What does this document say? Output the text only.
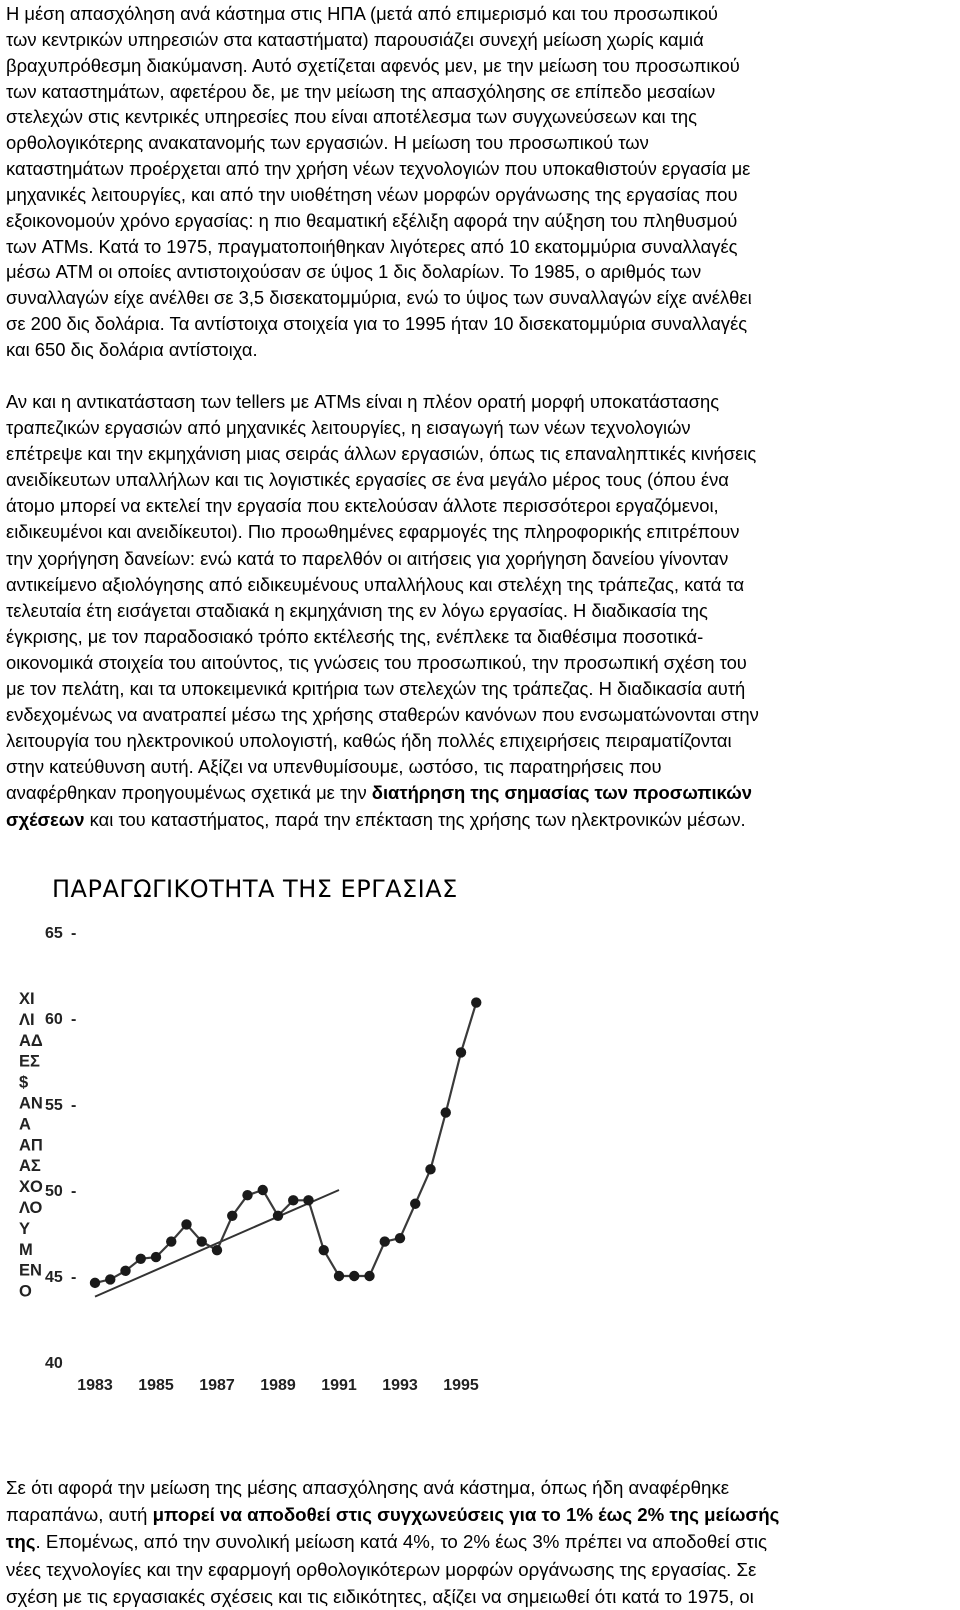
Η μέση απασχόληση ανά κάστημα στις ΗΠΑ (μετά από επιμερισμό και του προσωπικού
των κεντρικών υπηρεσιών στα καταστήματα) παρουσιάζει συνεχή μείωση χωρίς καμιά
βραχυπρόθεσμη διακύμανση. Αυτό σχετίζεται αφενός μεν, με την μείωση του προσωπικού
των καταστημάτων, αφετέρου δε, με την μείωση της απασχόλησης σε επίπεδο μεσαίων
στελεχών στις κεντρικές υπηρεσίες που είναι αποτέλεσμα των συγχωνεύσεων και της
ορθολογικότερης ανακατανομής των εργασιών. Η μείωση του προσωπικού των
καταστημάτων προέρχεται από την χρήση νέων τεχνολογιών που υποκαθιστούν εργασία με
μηχανικές λειτουργίες, και από την υιοθέτηση νέων μορφών οργάνωσης της εργασίας που
εξοικονομούν χρόνο εργασίας: η πιο θεαματική εξέλιξη αφορά την αύξηση του πληθυσμού
των ATMs. Κατά το 1975, πραγματοποιήθηκαν λιγότερες από 10 εκατομμύρια συναλλαγές
μέσω ATM οι οποίες αντιστοιχούσαν σε ύψος 1 δις δολαρίων. Το 1985, ο αριθμός των
συναλλαγών είχε ανέλθει σε 3,5 δισεκατομμύρια, ενώ το ύψος των συναλλαγών είχε ανέλθει
σε 200 δις δολάρια. Τα αντίστοιχα στοιχεία για το 1995 ήταν 10 δισεκατομμύρια συναλλαγές
και 650 δις δολάρια αντίστοιχα.
Αν και η αντικατάσταση των tellers με ATMs είναι η πλέον ορατή μορφή υποκατάστασης
τραπεζικών εργασιών από μηχανικές λειτουργίες, η εισαγωγή των νέων τεχνολογιών
επέτρεψε και την εκμηχάνιση μιας σειράς άλλων εργασιών, όπως τις επαναληπτικές κινήσεις
ανειδίκευτων υπαλλήλων και τις λογιστικές εργασίες σε ένα μεγάλο μέρος τους (όπου ένα
άτομο μπορεί να εκτελεί την εργασία που εκτελούσαν άλλοτε περισσότεροι εργαζόμενοι,
ειδικευμένοι και ανειδίκευτοι). Πιο προωθημένες εφαρμογές της πληροφορικής επιτρέπουν
την χορήγηση δανείων: ενώ κατά το παρελθόν οι αιτήσεις για χορήγηση δανείου γίνονταν
αντικείμενο αξιολόγησης από ειδικευμένους υπαλλήλους και στελέχη της τράπεζας, κατά τα
τελευταία έτη εισάγεται σταδιακά η εκμηχάνιση της εν λόγω εργασίας. Η διαδικασία της
έγκρισης, με τον παραδοσιακό τρόπο εκτέλεσής της, ενέπλεκε τα διαθέσιμα ποσοτικά-
οικονομικά στοιχεία του αιτούντος, τις γνώσεις του προσωπικού, την προσωπική σχέση του
με τον πελάτη, και τα υποκειμενικά κριτήρια των στελεχών της τράπεζας. Η διαδικασία αυτή
ενδεχομένως να ανατραπεί μέσω της χρήσης σταθερών κανόνων που ενσωματώνονται στην
λειτουργία του ηλεκτρονικού υπολογιστή, καθώς ήδη πολλές επιχειρήσεις πειραματίζονται
στην κατεύθυνση αυτή. Αξίζει να υπενθυμίσουμε, ωστόσο, τις παρατηρήσεις που
αναφέρθηκαν προηγουμένως σχετικά με την διατήρηση της σημασίας των προσωπικών
σχέσεων και του καταστήματος, παρά την επέκταση της χρήσης των ηλεκτρονικών μέσων.
ΠΑΡΑΓΩΓΙΚΟΤΗΤΑ ΤΗΣ ΕΡΓΑΣΙΑΣ
ΧΙ
ΛΙ
ΑΔ
ΕΣ
$
ΑΝ
Α
ΑΠ
ΑΣ
ΧΟ
ΛΟ
Υ
Μ
ΕΝ
Ο
40
45 -
50 -
55 -
60 -
65 -
1983 1985 1987 1989 1991 1993 1995
Σε ότι αφορά την μείωση της μέσης απασχόλησης ανά κάστημα, όπως ήδη αναφέρθηκε
παραπάνω, αυτή μπορεί να αποδοθεί στις συγχωνεύσεις για το 1% έως 2% της μείωσής
της. Επομένως, από την συνολική μείωση κατά 4%, το 2% έως 3% πρέπει να αποδοθεί στις
νέες τεχνολογίες και την εφαρμογή ορθολογικότερων μορφών οργάνωσης της εργασίας. Σε
σχέση με τις εργασιακές σχέσεις και τις ειδικότητες, αξίζει να σημειωθεί ότι κατά το 1975, οι
